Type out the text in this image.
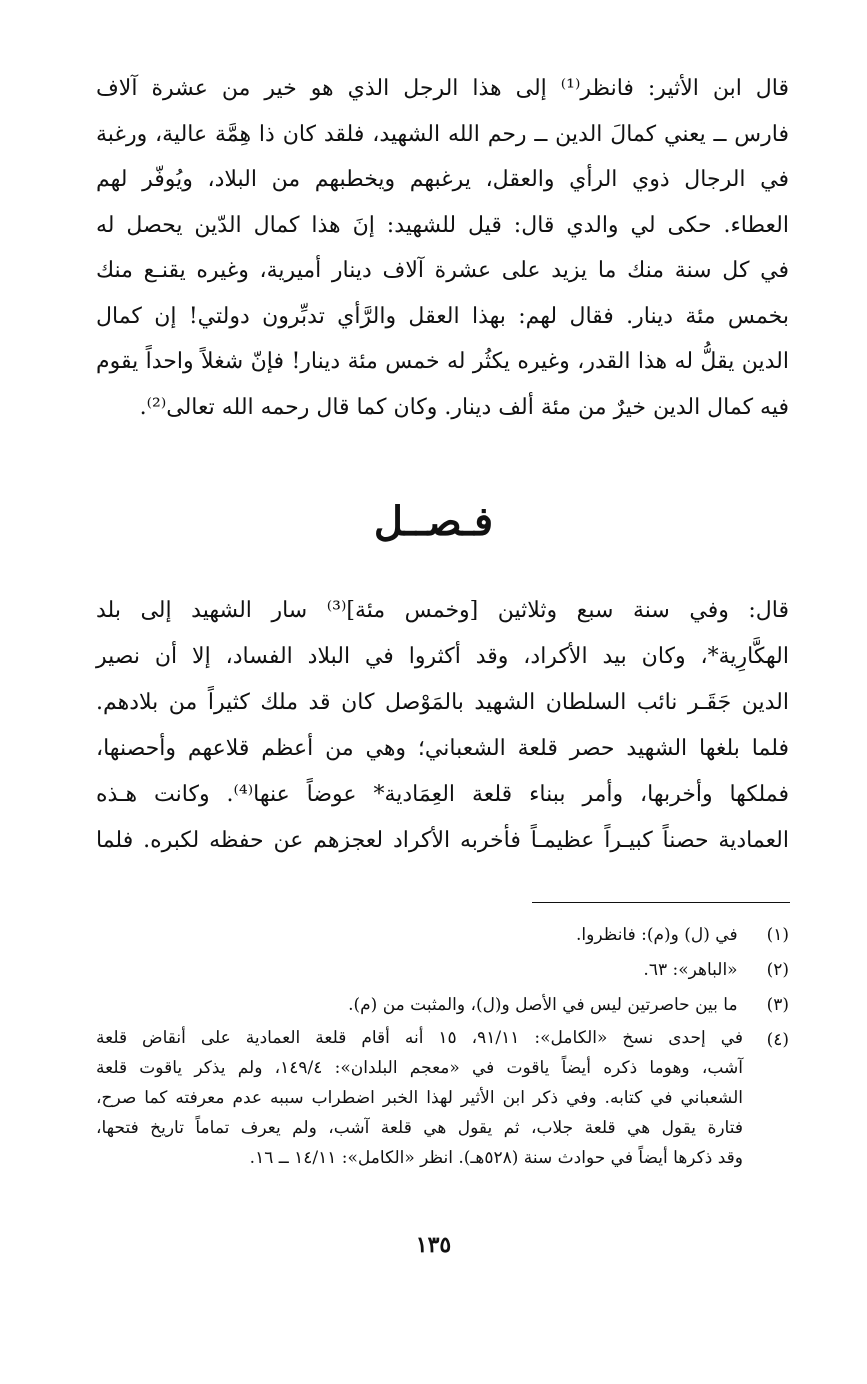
قال ابن الأثير: فانظر⁽¹⁾ إلى هذا الرجل الذي هو خير من عشرة آلاف
فارس ــ يعني كمالَ الدين ــ رحم الله الشهيد، فلقد كان ذا هِمَّة عالية، ورغبة
في الرجال ذوي الرأي والعقل، يرغبهم ويخطبهم من البلاد، ويُوفّر لهم
العطاء. حكى لي والدي قال: قيل للشهيد: إنَ هذا كمال الدّين يحصل له
في كل سنة منك ما يزيد على عشرة آلاف دينار أميرية، وغيره يقنـع منك
بخمس مئة دينار. فقال لهم: بهذا العقل والرَّأي تدبِّرون دولتي! إن كمال
الدين يقلُّ له هذا القدر، وغيره يكثُر له خمس مئة دينار! فإنّ شغلاً واحداً يقوم
فيه كمال الدين خيرٌ من مئة ألف دينار. وكان كما قال رحمه الله تعالى⁽²⁾.
فـصــل
قال: وفي سنة سبع وثلاثين [وخمس مئة]⁽³⁾ سار الشهيد إلى بلد
الهكَّارِية*، وكان بيد الأكراد، وقد أكثروا في البلاد الفساد، إلا أن نصير
الدين جَقَـر نائب السلطان الشهيد بالمَوْصل كان قد ملك كثيراً من بلادهم.
فلما بلغها الشهيد حصر قلعة الشعباني؛ وهي من أعظم قلاعهم وأحصنها،
فملكها وأخربها، وأمر ببناء قلعة العِمَادية* عوضاً عنها⁽⁴⁾. وكانت هـذه
العمادية حصناً كبيـراً عظيمـاً فأخربه الأكراد لعجزهم عن حفظه لكبره. فلما
(١) في (ل) و(م): فانظروا.
(٢) «الباهر»: ٦٣.
(٣) ما بين حاصرتين ليس في الأصل و(ل)، والمثبت من (م).
(٤)
في إحدى نسخ «الكامل»: ٩١/١١، ١٥ أنه أقام قلعة العمادية على أنقاض قلعة
آشب، وهوما ذكره أيضاً ياقوت في «معجم البلدان»: ١٤٩/٤، ولم يذكر ياقوت قلعة
الشعباني في كتابه. وفي ذكر ابن الأثير لهذا الخبر اضطراب سببه عدم معرفته كما صرح،
فتارة يقول هي قلعة جلاب، ثم يقول هي قلعة آشب، ولم يعرف تماماً تاريخ فتحها،
وقد ذكرها أيضاً في حوادث سنة (٥٢٨هـ). انظر «الكامل»: ١٤/١١ ــ ١٦.
١٣٥
